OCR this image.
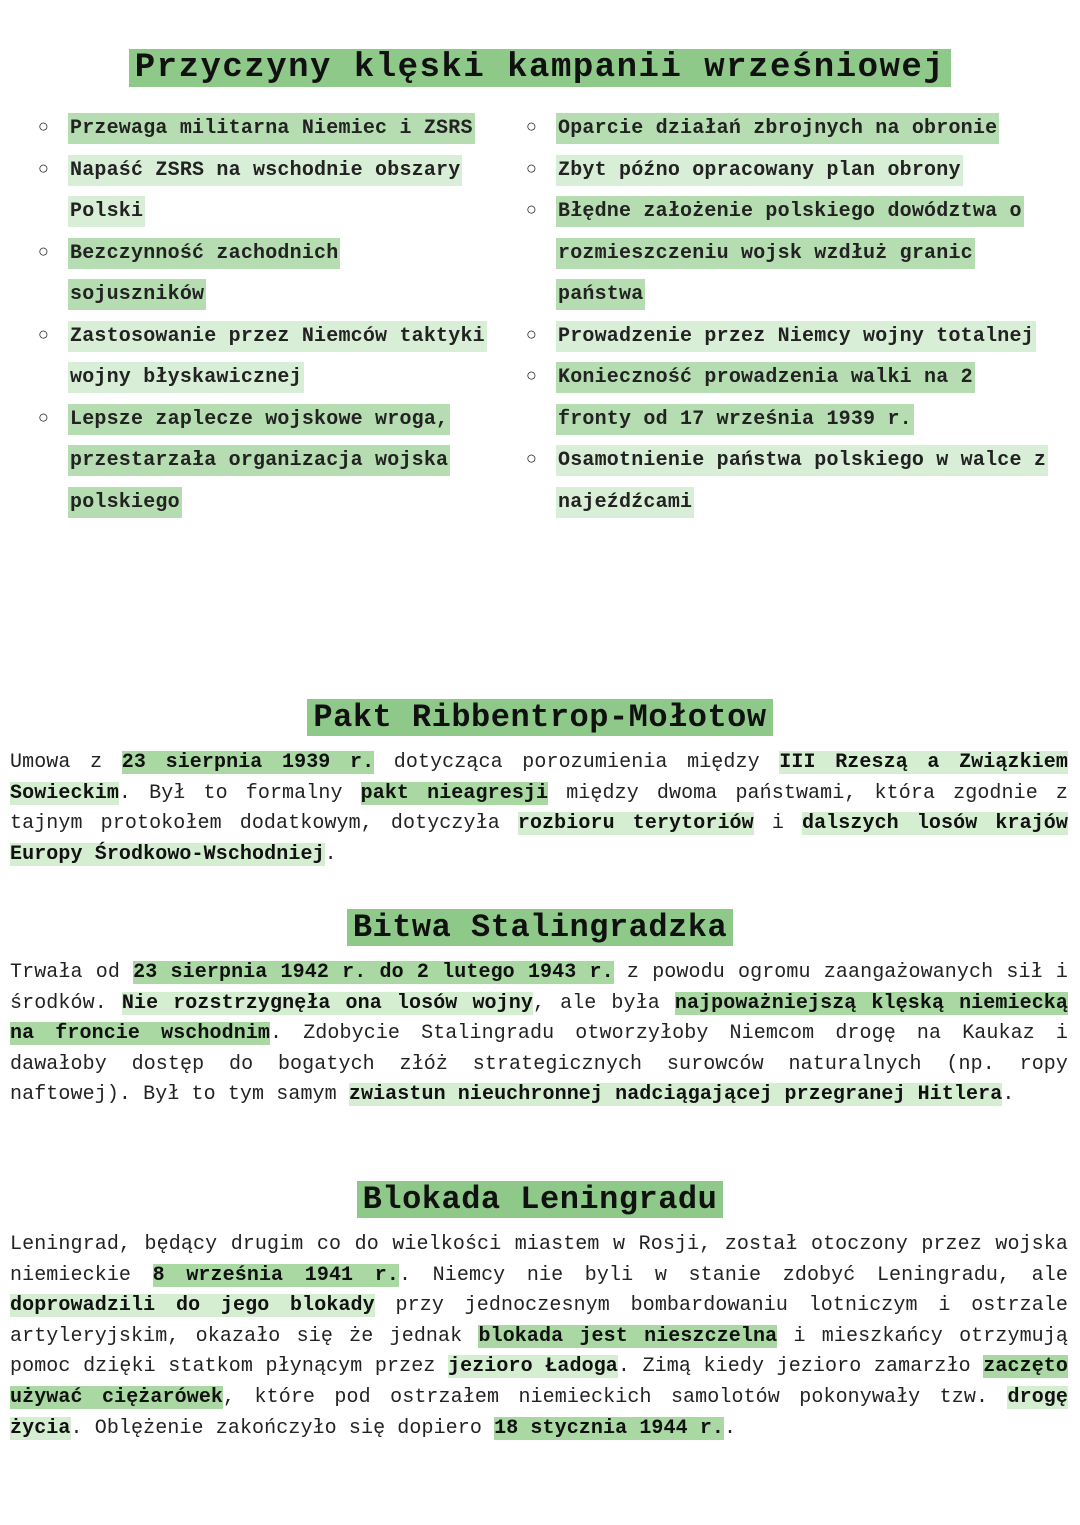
Przyczyny klęski kampanii wrześniowej
○ Przewaga militarna Niemiec i ZSRS
○ Napaść ZSRS na wschodnie obszary Polski
○ Bezczynność zachodnich sojuszników
○ Zastosowanie przez Niemców taktyki wojny błyskawicznej
○ Lepsze zaplecze wojskowe wroga, przestarzała organizacja wojska polskiego
○ Oparcie działań zbrojnych na obronie
○ Zbyt późno opracowany plan obrony
○ Błędne założenie polskiego dowództwa o rozmieszczeniu wojsk wzdłuż granic państwa
○ Prowadzenie przez Niemcy wojny totalnej
○ Konieczność prowadzenia walki na 2 fronty od 17 września 1939 r.
○ Osamotnienie państwa polskiego w walce z najeźdźcami
Pakt Ribbentrop-Mołotow
Umowa z 23 sierpnia 1939 r. dotycząca porozumienia między III Rzeszą a Związkiem Sowieckim. Był to formalny pakt nieagresji między dwoma państwami, która zgodnie z tajnym protokołem dodatkowym, dotyczyła rozbioru terytoriów i dalszych losów krajów Europy Środkowo-Wschodniej.
Bitwa Stalingradzka
Trwała od 23 sierpnia 1942 r. do 2 lutego 1943 r. z powodu ogromu zaangażowanych sił i środków. Nie rozstrzygnęła ona losów wojny, ale była najpoważniejszą klęską niemiecką na froncie wschodnim. Zdobycie Stalingradu otworzyłoby Niemcom drogę na Kaukaz i dawałoby dostęp do bogatych złóż strategicznych surowców naturalnych (np. ropy naftowej). Był to tym samym zwiastun nieuchronnej nadciągającej przegranej Hitlera.
Blokada Leningradu
Leningrad, będący drugim co do wielkości miastem w Rosji, został otoczony przez wojska niemieckie 8 września 1941 r.. Niemcy nie byli w stanie zdobyć Leningradu, ale doprowadzili do jego blokady przy jednoczesnym bombardowaniu lotniczym i ostrzale artyleryjskim, okazało się że jednak blokada jest nieszczelna i mieszkańcy otrzymują pomoc dzięki statkom płynącym przez jezioro Ładoga. Zimą kiedy jezioro zamarzło zaczęto używać ciężarówek, które pod ostrzałem niemieckich samolotów pokonywały tzw. drogę życia. Oblężenie zakończyło się dopiero 18 stycznia 1944 r..
